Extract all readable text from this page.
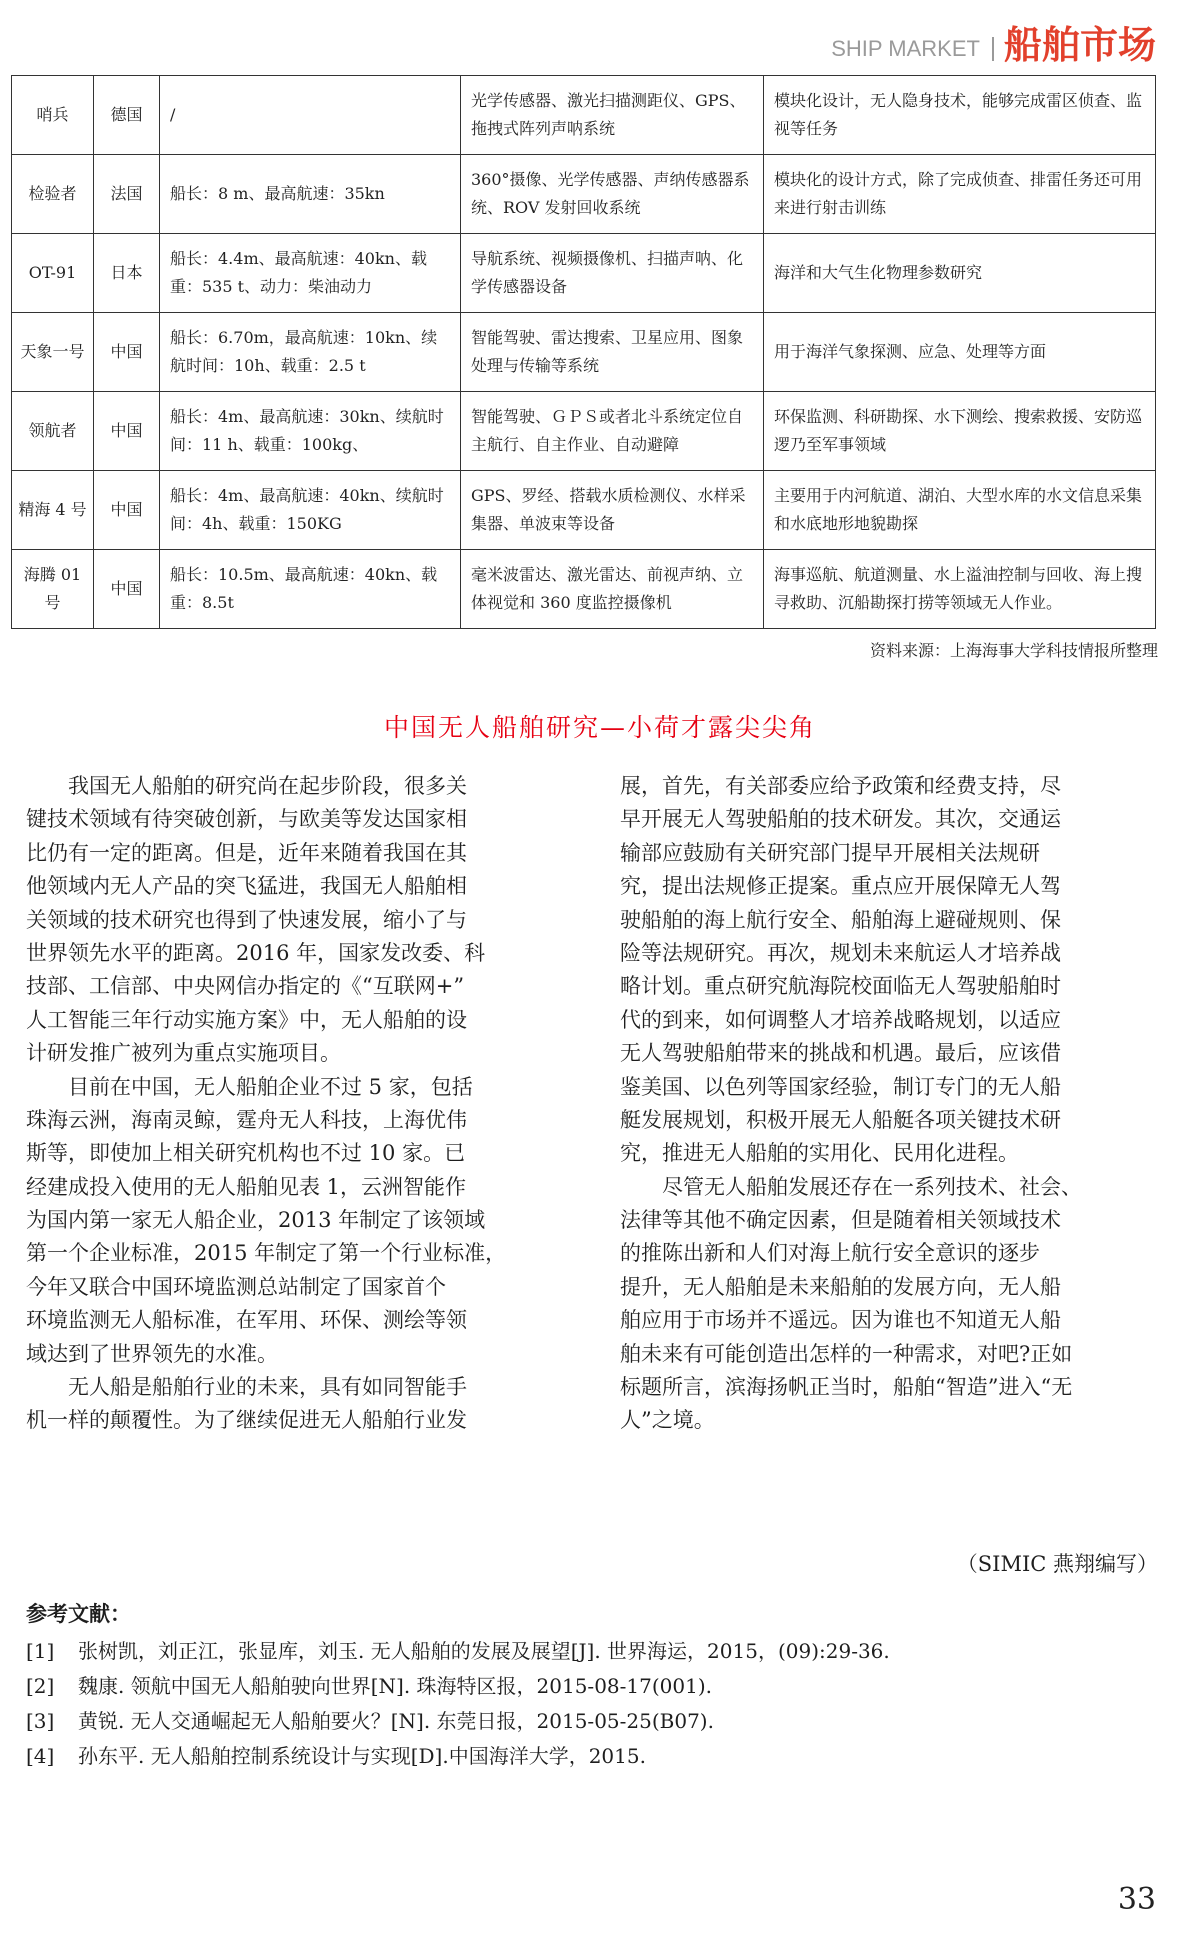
SHIP MARKET 船舶市场
哨兵	德国	/	光学传感器、激光扫描测距仪、GPS、拖拽式阵列声呐系统	模块化设计，无人隐身技术，能够完成雷区侦查、监视等任务
检验者	法国	船长：8 m、最高航速：35kn	360°摄像、光学传感器、声纳传感器系统、ROV 发射回收系统	模块化的设计方式，除了完成侦查、排雷任务还可用来进行射击训练
OT-91	日本	船长：4.4m、最高航速：40kn、载重：535 t、动力：柴油动力	导航系统、视频摄像机、扫描声呐、化学传感器设备	海洋和大气生化物理参数研究
天象一号	中国	船长：6.70m，最高航速：10kn、续航时间：10h、载重：2.5 t	智能驾驶、雷达搜索、卫星应用、图象处理与传输等系统	用于海洋气象探测、应急、处理等方面
领航者	中国	船长：4m、最高航速：30kn、续航时间：11 h、载重：100kg、	智能驾驶、ＧＰＳ或者北斗系统定位自主航行、自主作业、自动避障	环保监测、科研勘探、水下测绘、搜索救援、安防巡逻乃至军事领域
精海 4 号	中国	船长：4m、最高航速：40kn、续航时间：4h、载重：150KG	GPS、罗经、搭载水质检测仪、水样采集器、单波束等设备	主要用于内河航道、湖泊、大型水库的水文信息采集和水底地形地貌勘探
海腾 01 号	中国	船长：10.5m、最高航速：40kn、载重：8.5t	毫米波雷达、激光雷达、前视声纳、立体视觉和 360 度监控摄像机	海事巡航、航道测量、水上溢油控制与回收、海上搜寻救助、沉船勘探打捞等领域无人作业。
资料来源：上海海事大学科技情报所整理
中国无人船舶研究—小荷才露尖尖角
我国无人船舶的研究尚在起步阶段，很多关
键技术领域有待突破创新，与欧美等发达国家相
比仍有一定的距离。但是，近年来随着我国在其
他领域内无人产品的突飞猛进，我国无人船舶相
关领域的技术研究也得到了快速发展，缩小了与
世界领先水平的距离。2016 年，国家发改委、科
技部、工信部、中央网信办指定的《“互联网+”
人工智能三年行动实施方案》中，无人船舶的设
计研发推广被列为重点实施项目。
目前在中国，无人船舶企业不过 5 家，包括
珠海云洲，海南灵鲸，霆舟无人科技，上海优伟
斯等，即使加上相关研究机构也不过 10 家。已
经建成投入使用的无人船舶见表 1，云洲智能作
为国内第一家无人船企业，2013 年制定了该领域
第一个企业标准，2015 年制定了第一个行业标准，
今年又联合中国环境监测总站制定了国家首个
环境监测无人船标准，在军用、环保、测绘等领
域达到了世界领先的水准。
无人船是船舶行业的未来，具有如同智能手
机一样的颠覆性。为了继续促进无人船舶行业发
展，首先，有关部委应给予政策和经费支持，尽
早开展无人驾驶船舶的技术研发。其次，交通运
输部应鼓励有关研究部门提早开展相关法规研
究，提出法规修正提案。重点应开展保障无人驾
驶船舶的海上航行安全、船舶海上避碰规则、保
险等法规研究。再次，规划未来航运人才培养战
略计划。重点研究航海院校面临无人驾驶船舶时
代的到来，如何调整人才培养战略规划，以适应
无人驾驶船舶带来的挑战和机遇。最后，应该借
鉴美国、以色列等国家经验，制订专门的无人船
艇发展规划，积极开展无人船艇各项关键技术研
究，推进无人船舶的实用化、民用化进程。
尽管无人船舶发展还存在一系列技术、社会、
法律等其他不确定因素，但是随着相关领域技术
的推陈出新和人们对海上航行安全意识的逐步
提升，无人船舶是未来船舶的发展方向，无人船
舶应用于市场并不遥远。因为谁也不知道无人船
舶未来有可能创造出怎样的一种需求，对吧?正如
标题所言，滨海扬帆正当时，船舶“智造”进入“无
人”之境。
（SIMIC 燕翔编写）
参考文献：
[1]	张树凯，刘正江，张显库，刘玉. 无人船舶的发展及展望[J]. 世界海运，2015，(09):29-36.
[2]	魏康. 领航中国无人船舶驶向世界[N]. 珠海特区报，2015-08-17(001).
[3]	黄锐. 无人交通崛起无人船舶要火？[N]. 东莞日报，2015-05-25(B07).
[4]	孙东平. 无人船舶控制系统设计与实现[D].中国海洋大学，2015.
33
